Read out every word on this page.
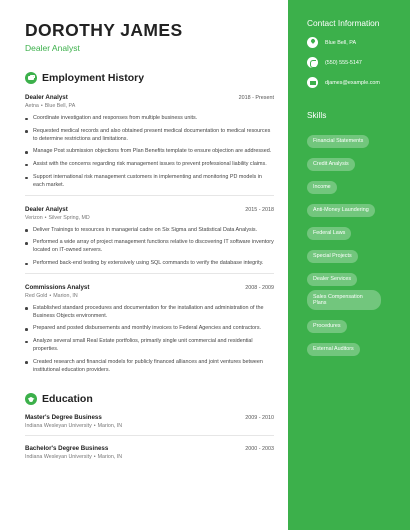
DOROTHY JAMES
Dealer Analyst
Employment History
Dealer Analyst	2018 - Present
Aetna • Blue Bell, PA
Coordinate investigation and responses from multiple business units.
Requested medical records and also obtained present medical documentation to medical resources to determine restrictions and limitations.
Manage Post submission objections from Plan Benefits template to ensure objection are addressed.
Assist with the concerns regarding risk management issues to prevent professional liability claims.
Support international risk management customers in implementing and monitoring PD models in each market.
Dealer Analyst	2015 - 2018
Verizon • Silver Spring, MD
Deliver Trainings to resources in managerial cadre on Six Sigma and Statistical Data Analysis.
Performed a wide array of project management functions relative to discovering IT software inventory located on IT-owned servers.
Performed back-end testing by extensively using SQL commands to verify the database integrity.
Commissions Analyst	2008 - 2009
Red Gold • Marion, IN
Established standard procedures and documentation for the installation and administration of the Business Objects environment.
Prepared and posted disbursements and monthly invoices to Federal Agencies and contractors.
Analyze several small Real Estate portfolios, primarily single unit commercial and residential properties.
Created research and financial models for publicly financed alliances and joint ventures between institutional education providers.
Education
Master's Degree Business	2009 - 2010
Indiana Wesleyan University • Marion, IN
Bachelor's Degree Business	2000 - 2003
Indiana Wesleyan University • Marion, IN
Contact Information
Blue Bell, PA
(550) 555-5147
djames@example.com
Skills
Financial Statements
Credit Analysis
Income
Anti-Money Laundering
Federal Laws
Special Projects
Dealer Services
Sales Compensation Plans
Procedures
External Auditors
